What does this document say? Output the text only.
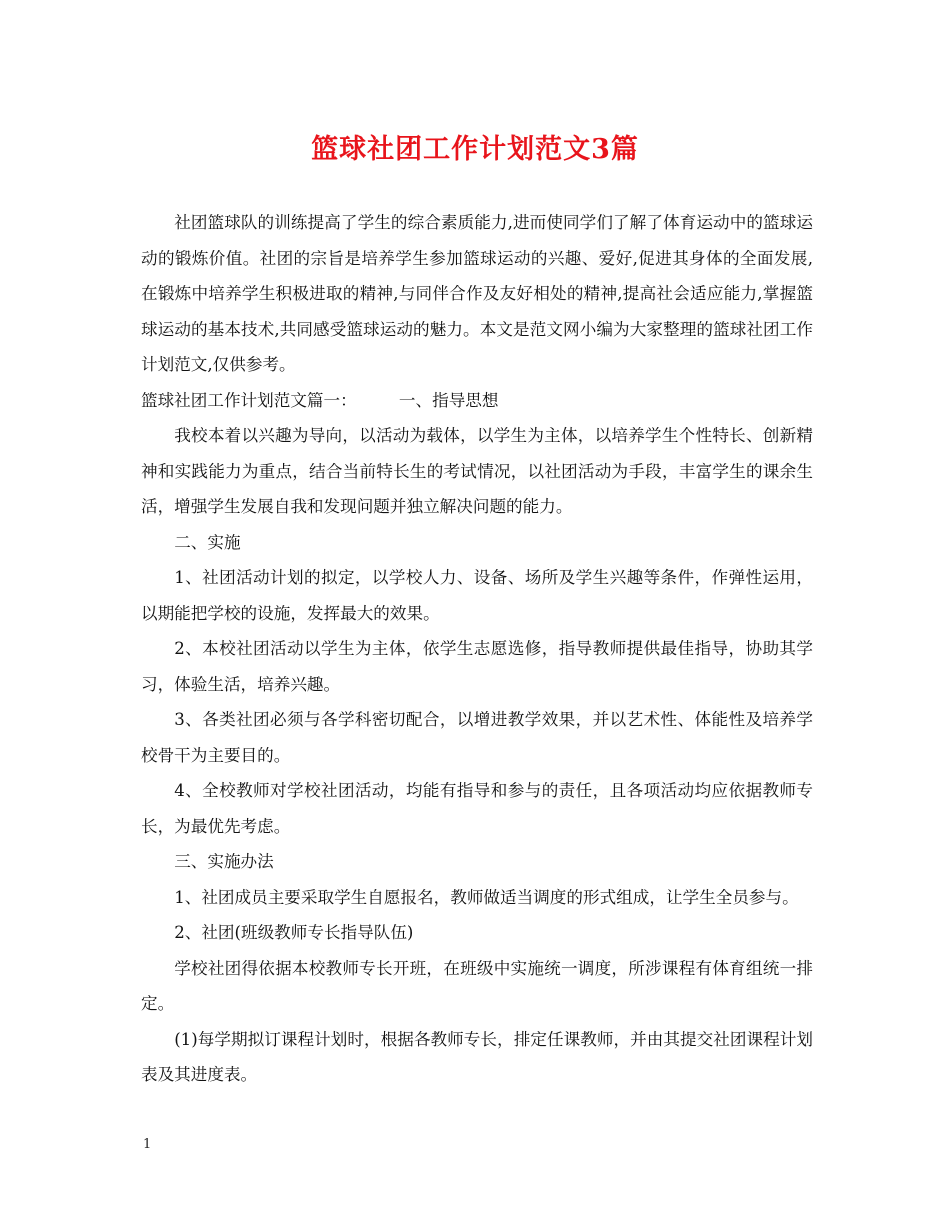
篮球社团工作计划范文3篇

社团篮球队的训练提高了学生的综合素质能力,进而使同学们了解了体育运动中的篮球运动的锻炼价值。社团的宗旨是培养学生参加篮球运动的兴趣、爱好,促进其身体的全面发展,在锻炼中培养学生积极进取的精神,与同伴合作及友好相处的精神,提高社会适应能力,掌握篮球运动的基本技术,共同感受篮球运动的魅力。本文是范文网小编为大家整理的篮球社团工作计划范文,仅供参考。

篮球社团工作计划范文篇一：	一、指导思想

我校本着以兴趣为导向，以活动为载体，以学生为主体，以培养学生个性特长、创新精神和实践能力为重点，结合当前特长生的考试情况，以社团活动为手段，丰富学生的课余生活，增强学生发展自我和发现问题并独立解决问题的能力。

二、实施

1、社团活动计划的拟定，以学校人力、设备、场所及学生兴趣等条件，作弹性运用，以期能把学校的设施，发挥最大的效果。

2、本校社团活动以学生为主体，依学生志愿选修，指导教师提供最佳指导，协助其学习，体验生活，培养兴趣。

3、各类社团必须与各学科密切配合，以增进教学效果，并以艺术性、体能性及培养学校骨干为主要目的。

4、全校教师对学校社团活动，均能有指导和参与的责任，且各项活动均应依据教师专长，为最优先考虑。

三、实施办法

1、社团成员主要采取学生自愿报名，教师做适当调度的形式组成，让学生全员参与。

2、社团(班级教师专长指导队伍)

学校社团得依据本校教师专长开班，在班级中实施统一调度，所涉课程有体育组统一排定。

(1)每学期拟订课程计划时，根据各教师专长，排定任课教师，并由其提交社团课程计划表及其进度表。

1
